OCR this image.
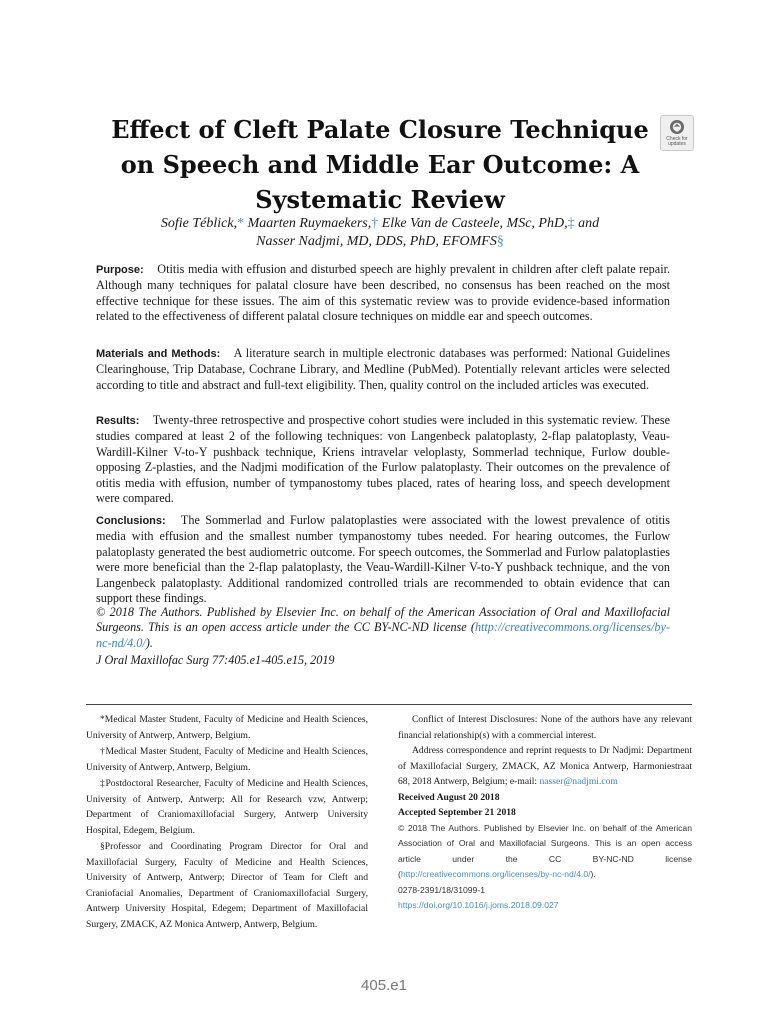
Effect of Cleft Palate Closure Technique
on Speech and Middle Ear Outcome: A
Systematic Review
Check for
updates
Sofie Téblick,* Maarten Ruymaekers,† Elke Van de Casteele, MSc, PhD,‡ and
Nasser Nadjmi, MD, DDS, PhD, EFOMFS§

Purpose: Otitis media with effusion and disturbed speech are highly prevalent in children after cleft palate repair. Although many techniques for palatal closure have been described, no consensus has been reached on the most effective technique for these issues. The aim of this systematic review was to provide evidence-based information related to the effectiveness of different palatal closure techniques on middle ear and speech outcomes.

Materials and Methods: A literature search in multiple electronic databases was performed: National Guidelines Clearinghouse, Trip Database, Cochrane Library, and Medline (PubMed). Potentially relevant articles were selected according to title and abstract and full-text eligibility. Then, quality control on the included articles was executed.

Results: Twenty-three retrospective and prospective cohort studies were included in this systematic review. These studies compared at least 2 of the following techniques: von Langenbeck palatoplasty, 2-flap palatoplasty, Veau-Wardill-Kilner V-to-Y pushback technique, Kriens intravelar veloplasty, Sommerlad technique, Furlow double-opposing Z-plasties, and the Nadjmi modification of the Furlow palatoplasty. Their outcomes on the prevalence of otitis media with effusion, number of tympanostomy tubes placed, rates of hearing loss, and speech development were compared.

Conclusions: The Sommerlad and Furlow palatoplasties were associated with the lowest prevalence of otitis media with effusion and the smallest number tympanostomy tubes needed. For hearing outcomes, the Furlow palatoplasty generated the best audiometric outcome. For speech outcomes, the Sommerlad and Furlow palatoplasties were more beneficial than the 2-flap palatoplasty, the Veau-Wardill-Kilner V-to-Y pushback technique, and the von Langenbeck palatoplasty. Additional randomized controlled trials are recommended to obtain evidence that can support these findings.

© 2018 The Authors. Published by Elsevier Inc. on behalf of the American Association of Oral and Maxillofacial Surgeons. This is an open access article under the CC BY-NC-ND license (http://creativecommons.org/licenses/by-nc-nd/4.0/).

J Oral Maxillofac Surg 77:405.e1-405.e15, 2019

*Medical Master Student, Faculty of Medicine and Health Sciences, University of Antwerp, Antwerp, Belgium.

†Medical Master Student, Faculty of Medicine and Health Sciences, University of Antwerp, Antwerp, Belgium.

‡Postdoctoral Researcher, Faculty of Medicine and Health Sciences, University of Antwerp, Antwerp; All for Research vzw, Antwerp; Department of Craniomaxillofacial Surgery, Antwerp University Hospital, Edegem, Belgium.

§Professor and Coordinating Program Director for Oral and Maxillofacial Surgery, Faculty of Medicine and Health Sciences, University of Antwerp, Antwerp; Director of Team for Cleft and Craniofacial Anomalies, Department of Craniomaxillofacial Surgery, Antwerp University Hospital, Edegem; Department of Maxillofacial Surgery, ZMACK, AZ Monica Antwerp, Antwerp, Belgium.

Conflict of Interest Disclosures: None of the authors have any relevant financial relationship(s) with a commercial interest.

Address correspondence and reprint requests to Dr Nadjmi: Department of Maxillofacial Surgery, ZMACK, AZ Monica Antwerp, Harmoniestraat 68, 2018 Antwerp, Belgium; e-mail: nasser@nadjmi.com

Received August 20 2018

Accepted September 21 2018

© 2018 The Authors. Published by Elsevier Inc. on behalf of the American Association of Oral and Maxillofacial Surgeons. This is an open access article under the CC BY-NC-ND license (http://creativecommons.org/licenses/by-nc-nd/4.0/).

0278-2391/18/31099-1

https://doi.org/10.1016/j.joms.2018.09.027

405.e1
